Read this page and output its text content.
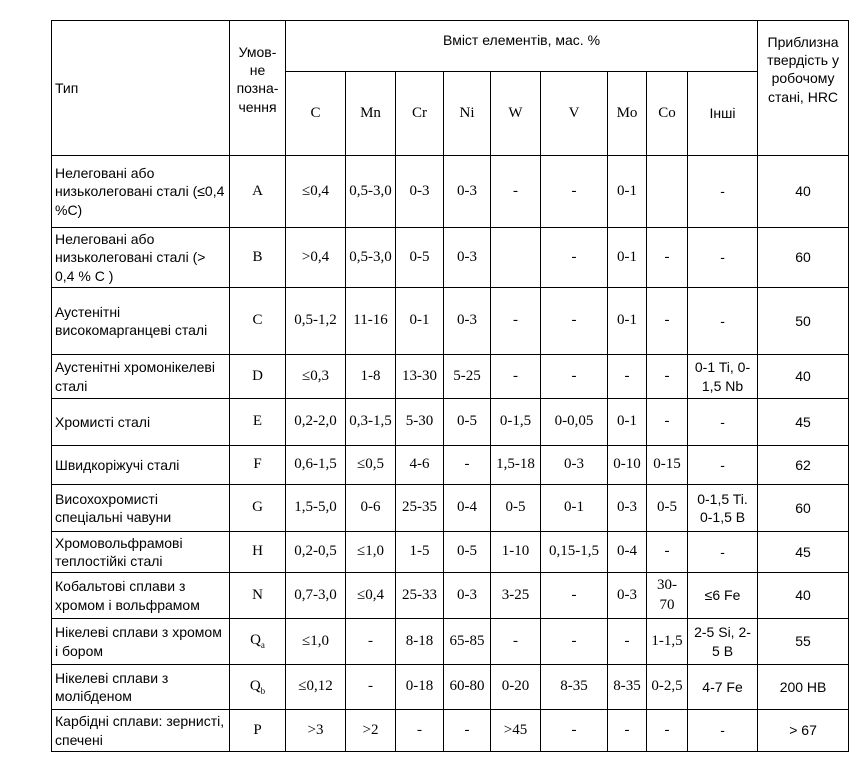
Тип	Умов-не позна-чення	Вміст елементів, мас. %									Приблизна твердість у робочому стані, HRC
		C	Mn	Cr	Ni	W	V	Mo	Co	Інші	
Нелеговані або низьколеговані сталі (≤0,4 %C)	A	≤0,4	0,5-3,0	0-3	0-3	-	-	0-1		-	40
Нелеговані або низьколеговані сталі (> 0,4 % C )	B	>0,4	0,5-3,0	0-5	0-3		-	0-1	-	-	60
Аустенітні високомарганцеві сталі	C	0,5-1,2	11-16	0-1	0-3	-	-	0-1	-	-	50
Аустенітні хромонікелеві сталі	D	≤0,3	1-8	13-30	5-25	-	-	-	-	0-1 Ti, 0-1,5 Nb	40
Хромисті сталі	E	0,2-2,0	0,3-1,5	5-30	0-5	0-1,5	0-0,05	0-1	-	-	45
Швидкоріжучі сталі	F	0,6-1,5	≤0,5	4-6	-	1,5-18	0-3	0-10	0-15	-	62
Висохохромисті спеціальні чавуни	G	1,5-5,0	0-6	25-35	0-4	0-5	0-1	0-3	0-5	0-1,5 Ti. 0-1,5 B	60
Хромовольфрамові теплостійкі сталі	H	0,2-0,5	≤1,0	1-5	0-5	1-10	0,15-1,5	0-4	-	-	45
Кобальтові сплави з хромом і вольфрамом	N	0,7-3,0	≤0,4	25-33	0-3	3-25	-	0-3	30-70	≤6 Fe	40
Нікелеві сплави з хромом і бором	$Q_a$	≤1,0	-	8-18	65-85	-	-	-	1-1,5	2-5 Si, 2-5 B	55
Нікелеві сплави з молібденом	$Q_b$	≤0,12	-	0-18	60-80	0-20	8-35	8-35	0-2,5	4-7 Fe	200 HB
Карбідні сплави: зернисті, спечені	P	>3	>2	-	-	>45	-	-	-	-	> 67
